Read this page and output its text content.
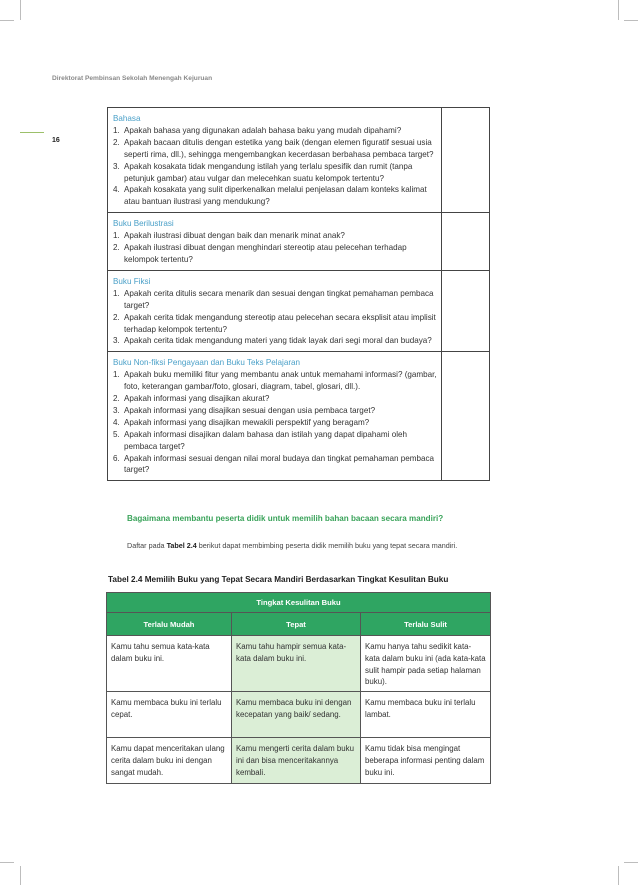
Direktorat Pembinsan Sekolah Menengah Kejuruan
16
Bahasa
1. Apakah bahasa yang digunakan adalah bahasa baku yang mudah dipahami?
2. Apakah bacaan ditulis dengan estetika yang baik (dengan elemen figuratif sesuai usia seperti rima, dll.), sehingga mengembangkan kecerdasan berbahasa pembaca target?
3. Apakah kosakata tidak mengandung istilah yang terlalu spesifik dan rumit (tanpa petunjuk gambar) atau vulgar dan melecehkan suatu kelompok tertentu?
4. Apakah kosakata yang sulit diperkenalkan melalui penjelasan dalam konteks kalimat atau bantuan ilustrasi yang mendukung?
Buku Berilustrasi
1. Apakah ilustrasi dibuat dengan baik dan menarik minat anak?
2. Apakah ilustrasi dibuat dengan menghindari stereotip atau pelecehan terhadap kelompok tertentu?
Buku Fiksi
1. Apakah cerita ditulis secara menarik dan sesuai dengan tingkat pemahaman pembaca target?
2. Apakah cerita tidak mengandung stereotip atau pelecehan secara eksplisit atau implisit terhadap kelompok tertentu?
3. Apakah cerita tidak mengandung materi yang tidak layak dari segi moral dan budaya?
Buku Non-fiksi Pengayaan dan Buku Teks Pelajaran
1. Apakah buku memiliki fitur yang membantu anak untuk memahami informasi? (gambar, foto, keterangan gambar/foto, glosari, diagram, tabel, glosari, dll.).
2. Apakah informasi yang disajikan akurat?
3. Apakah informasi yang disajikan sesuai dengan usia pembaca target?
4. Apakah informasi yang disajikan mewakili perspektif yang beragam?
5. Apakah informasi disajikan dalam bahasa dan istilah yang dapat dipahami oleh pembaca target?
6. Apakah informasi sesuai dengan nilai moral budaya dan tingkat pemahaman pembaca target?
Bagaimana membantu peserta didik untuk memilih bahan bacaan secara mandiri?
Daftar pada Tabel 2.4 berikut dapat membimbing peserta didik memilih buku yang tepat secara mandiri.
Tabel 2.4 Memilih Buku yang Tepat Secara Mandiri Berdasarkan Tingkat Kesulitan Buku
Tingkat Kesulitan Buku		
Terlalu Mudah	Tepat	Terlalu Sulit
Kamu tahu semua kata-kata dalam buku ini.	Kamu tahu hampir semua kata-kata dalam buku ini.	Kamu hanya tahu sedikit kata-kata dalam buku ini (ada kata-kata sulit hampir pada setiap halaman buku).
Kamu membaca buku ini terlalu cepat.	Kamu membaca buku ini dengan kecepatan yang baik/ sedang.	Kamu membaca buku ini terlalu lambat.
Kamu dapat menceritakan ulang cerita dalam buku ini dengan sangat mudah.	Kamu mengerti cerita dalam buku ini dan bisa menceritakannya kembali.	Kamu tidak bisa mengingat beberapa informasi penting dalam buku ini.
